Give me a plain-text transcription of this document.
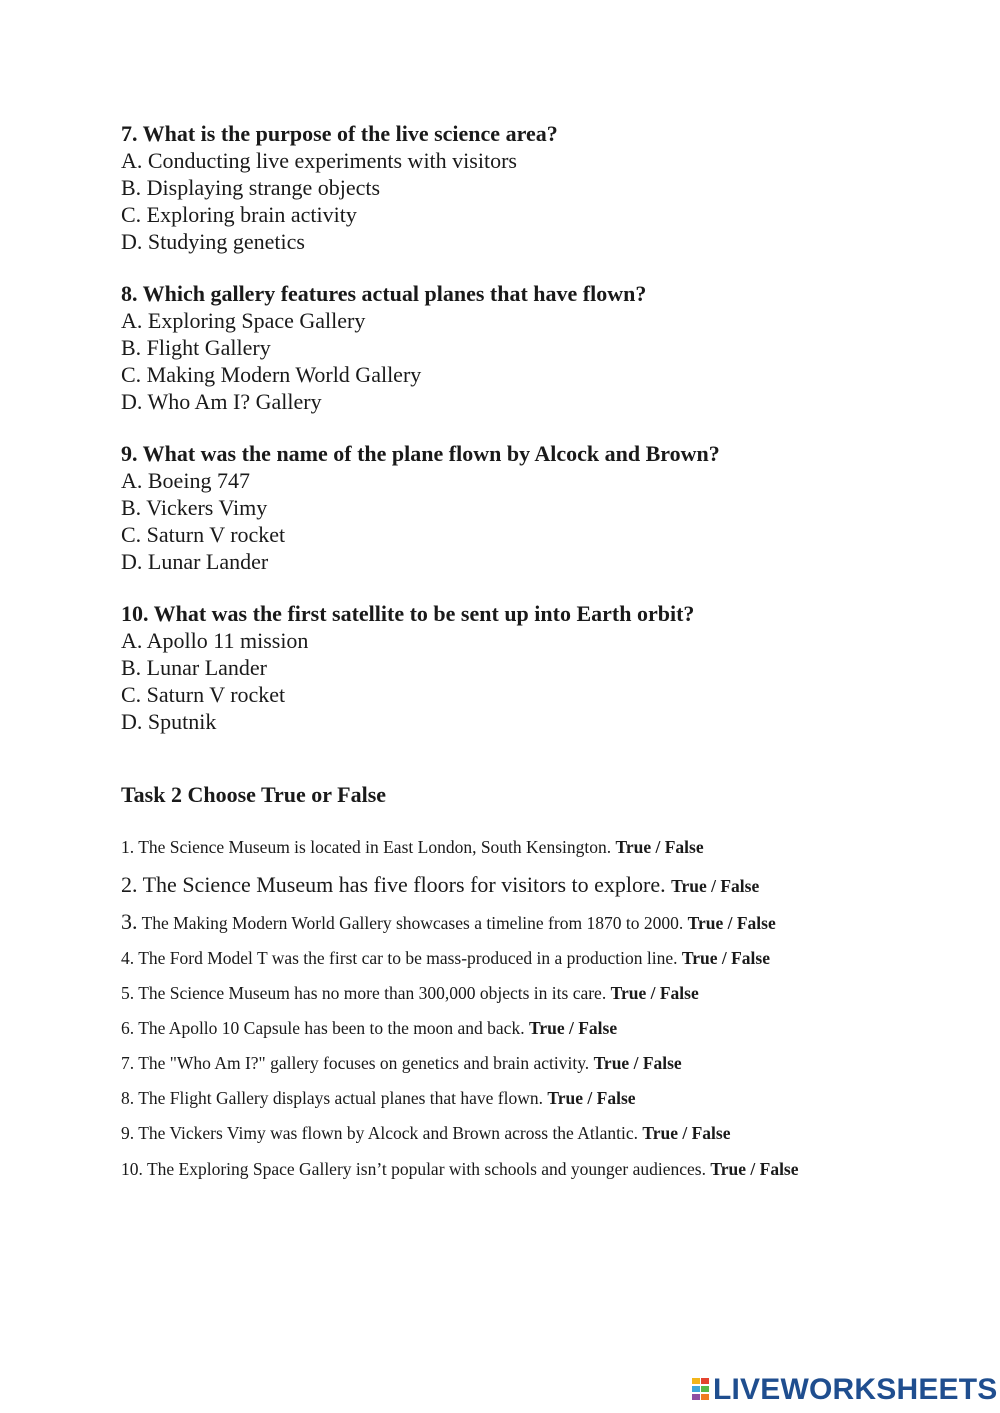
7. What is the purpose of the live science area?
A. Conducting live experiments with visitors
B. Displaying strange objects
C. Exploring brain activity
D. Studying genetics
8. Which gallery features actual planes that have flown?
A. Exploring Space Gallery
B. Flight Gallery
C. Making Modern World Gallery
D. Who Am I? Gallery
9. What was the name of the plane flown by Alcock and Brown?
A. Boeing 747
B. Vickers Vimy
C. Saturn V rocket
D. Lunar Lander
10. What was the first satellite to be sent up into Earth orbit?
A. Apollo 11 mission
B. Lunar Lander
C. Saturn V rocket
D. Sputnik
Task 2 Choose True or False
1. The Science Museum is located in East London, South Kensington. True / False
2. The Science Museum has five floors for visitors to explore. True / False
3. The Making Modern World Gallery showcases a timeline from 1870 to 2000. True / False
4. The Ford Model T was the first car to be mass-produced in a production line. True / False
5. The Science Museum has no more than 300,000 objects in its care. True / False
6. The Apollo 10 Capsule has been to the moon and back. True / False
7. The "Who Am I?" gallery focuses on genetics and brain activity. True / False
8. The Flight Gallery displays actual planes that have flown. True / False
9. The Vickers Vimy was flown by Alcock and Brown across the Atlantic. True / False
10. The Exploring Space Gallery isn’t popular with schools and younger audiences. True / False
LIVEWORKSHEETS
